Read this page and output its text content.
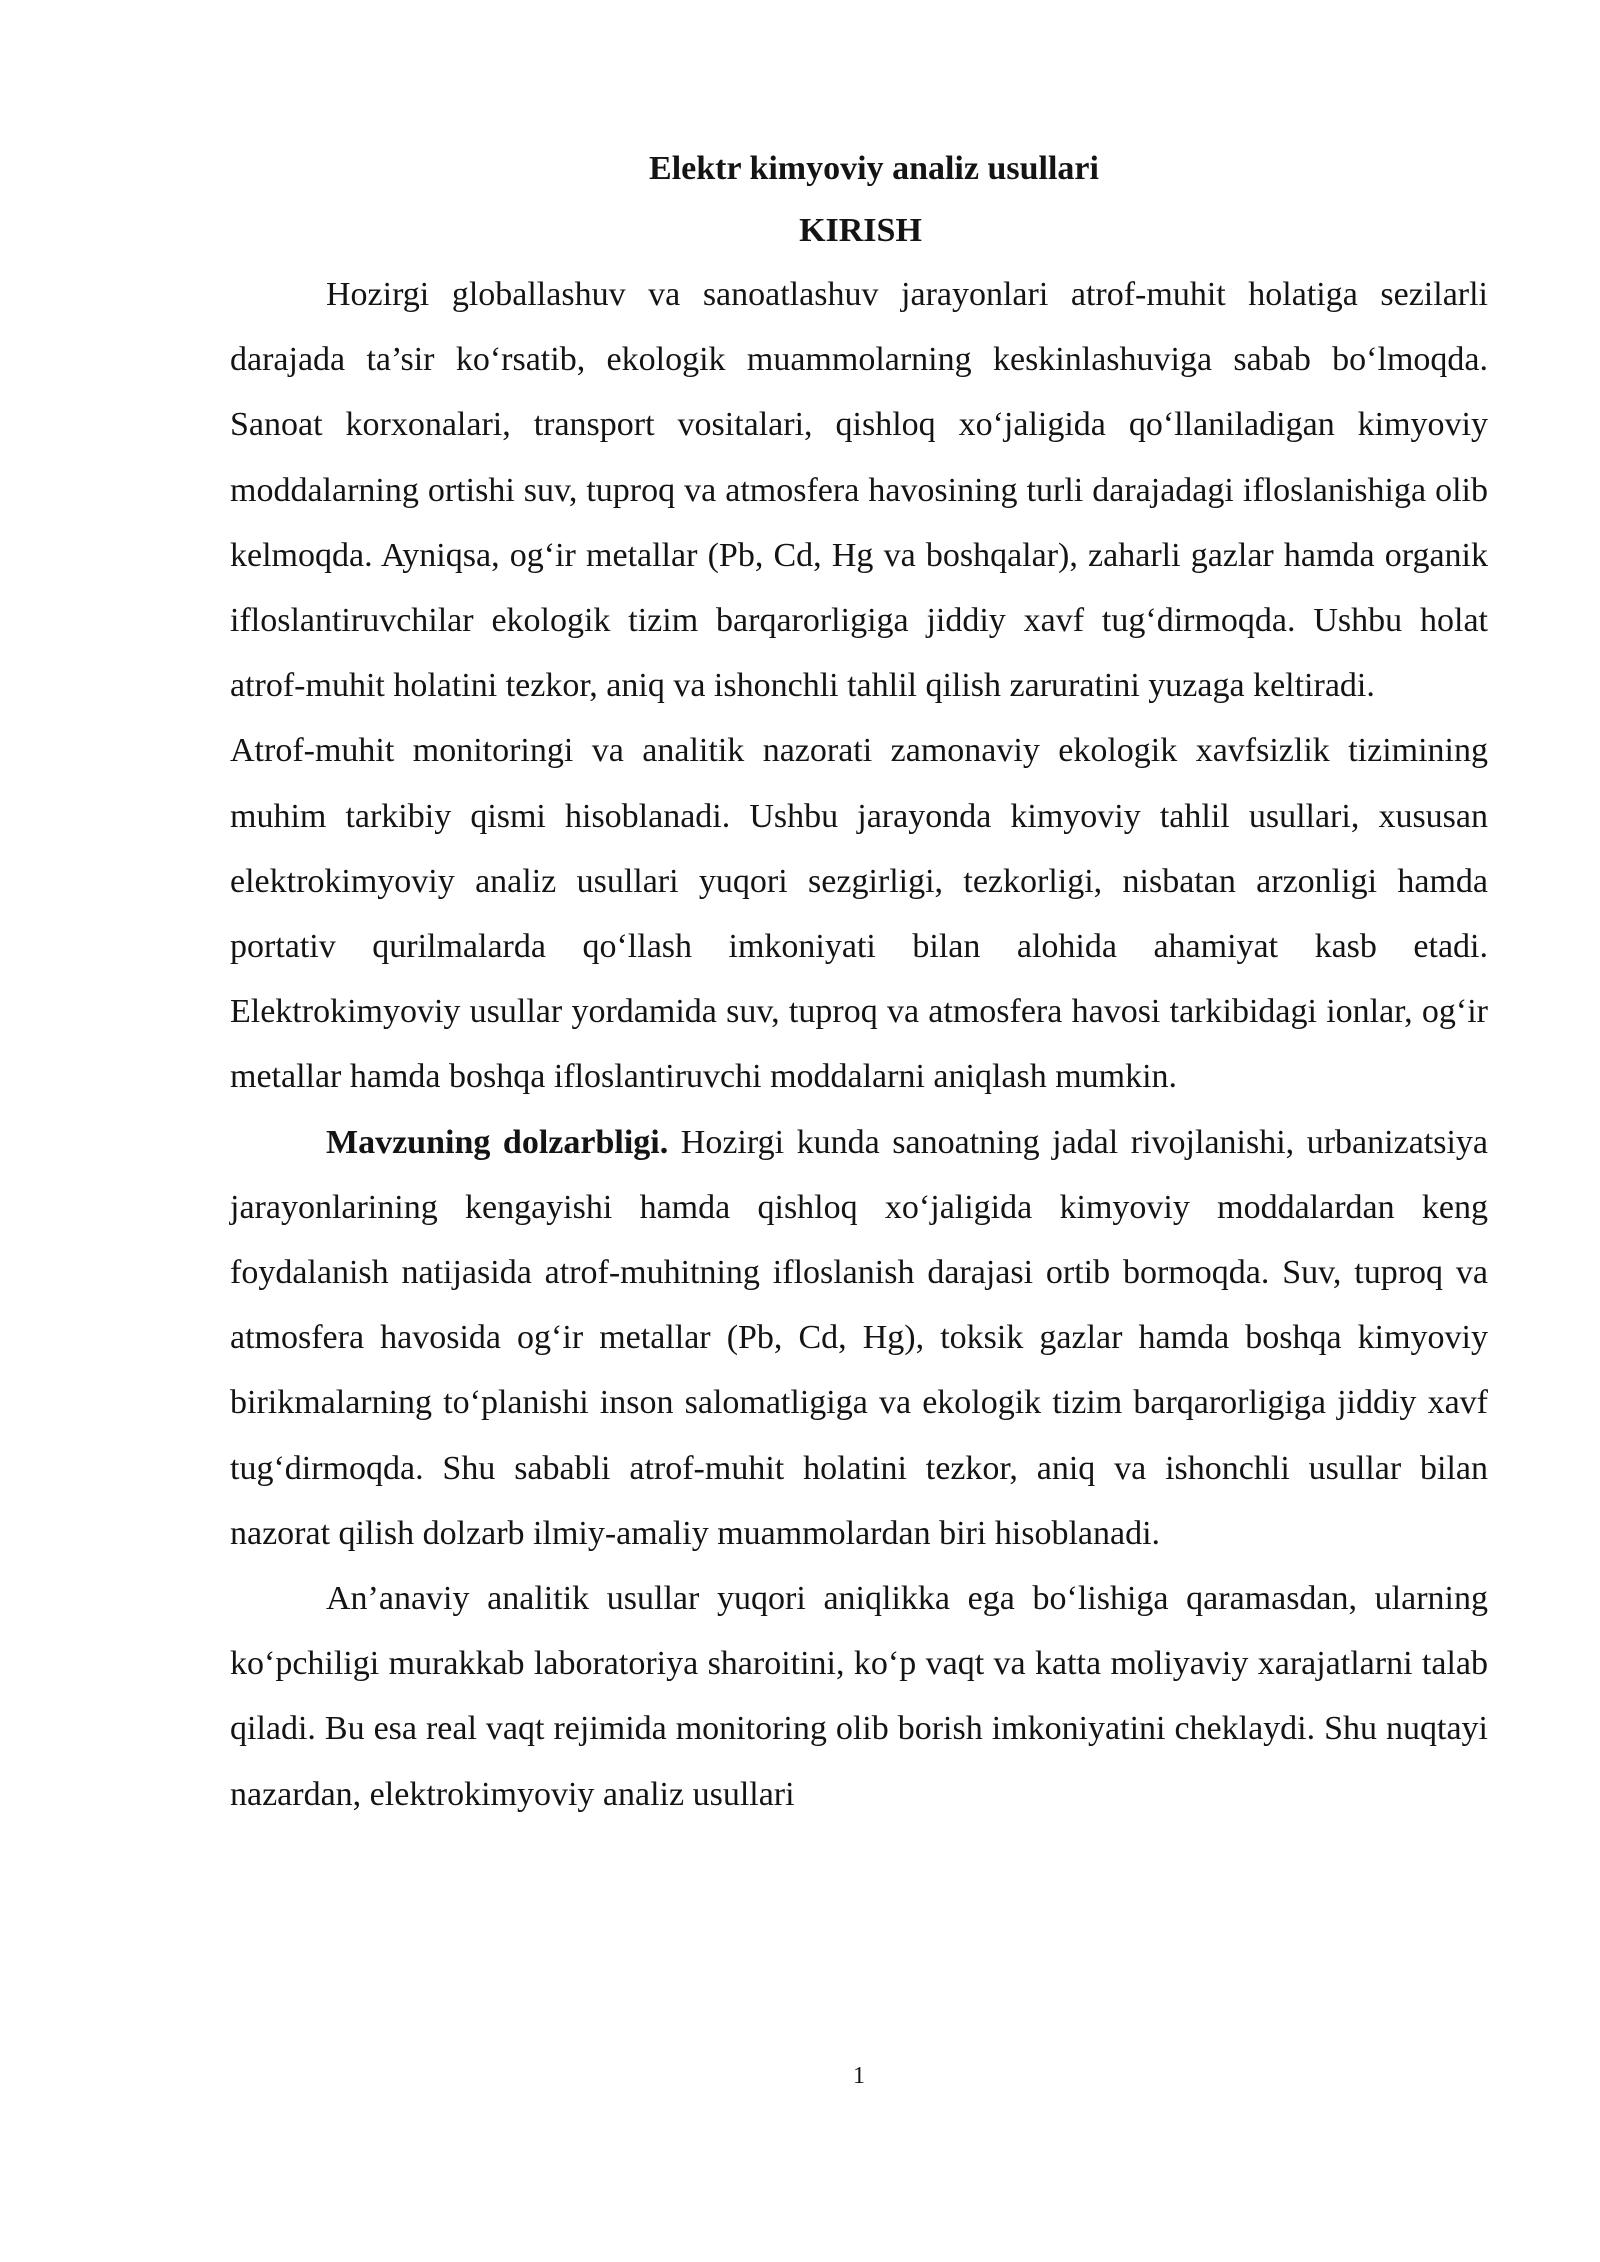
Elektr kimyoviy analiz usullari
KIRISH

Hozirgi globallashuv va sanoatlashuv jarayonlari atrof-muhit holatiga sezilarli darajada ta’sir ko‘rsatib, ekologik muammolarning keskinlashuviga sabab bo‘lmoqda. Sanoat korxonalari, transport vositalari, qishloq xo‘jaligida qo‘llaniladigan kimyoviy moddalarning ortishi suv, tuproq va atmosfera havosining turli darajadagi ifloslanishiga olib kelmoqda. Ayniqsa, og‘ir metallar (Pb, Cd, Hg va boshqalar), zaharli gazlar hamda organik ifloslantiruvchilar ekologik tizim barqarorligiga jiddiy xavf tug‘dirmoqda. Ushbu holat atrof-muhit holatini tezkor, aniq va ishonchli tahlil qilish zaruratini yuzaga keltiradi.

Atrof-muhit monitoringi va analitik nazorati zamonaviy ekologik xavfsizlik tizimining muhim tarkibiy qismi hisoblanadi. Ushbu jarayonda kimyoviy tahlil usullari, xususan elektrokimyoviy analiz usullari yuqori sezgirligi, tezkorligi, nisbatan arzonligi hamda portativ qurilmalarda qo‘llash imkoniyati bilan alohida ahamiyat kasb etadi. Elektrokimyoviy usullar yordamida suv, tuproq va atmosfera havosi tarkibidagi ionlar, og‘ir metallar hamda boshqa ifloslantiruvchi moddalarni aniqlash mumkin.

Mavzuning dolzarbligi. Hozirgi kunda sanoatning jadal rivojlanishi, urbanizatsiya jarayonlarining kengayishi hamda qishloq xo‘jaligida kimyoviy moddalardan keng foydalanish natijasida atrof-muhitning ifloslanish darajasi ortib bormoqda. Suv, tuproq va atmosfera havosida og‘ir metallar (Pb, Cd, Hg), toksik gazlar hamda boshqa kimyoviy birikmalarning to‘planishi inson salomatligiga va ekologik tizim barqarorligiga jiddiy xavf tug‘dirmoqda. Shu sababli atrof-muhit holatini tezkor, aniq va ishonchli usullar bilan nazorat qilish dolzarb ilmiy-amaliy muammolardan biri hisoblanadi.

An’anaviy analitik usullar yuqori aniqlikka ega bo‘lishiga qaramasdan, ularning ko‘pchiligi murakkab laboratoriya sharoitini, ko‘p vaqt va katta moliyaviy xarajatlarni talab qiladi. Bu esa real vaqt rejimida monitoring olib borish imkoniyatini cheklaydi. Shu nuqtayi nazardan, elektrokimyoviy analiz usullari

1
